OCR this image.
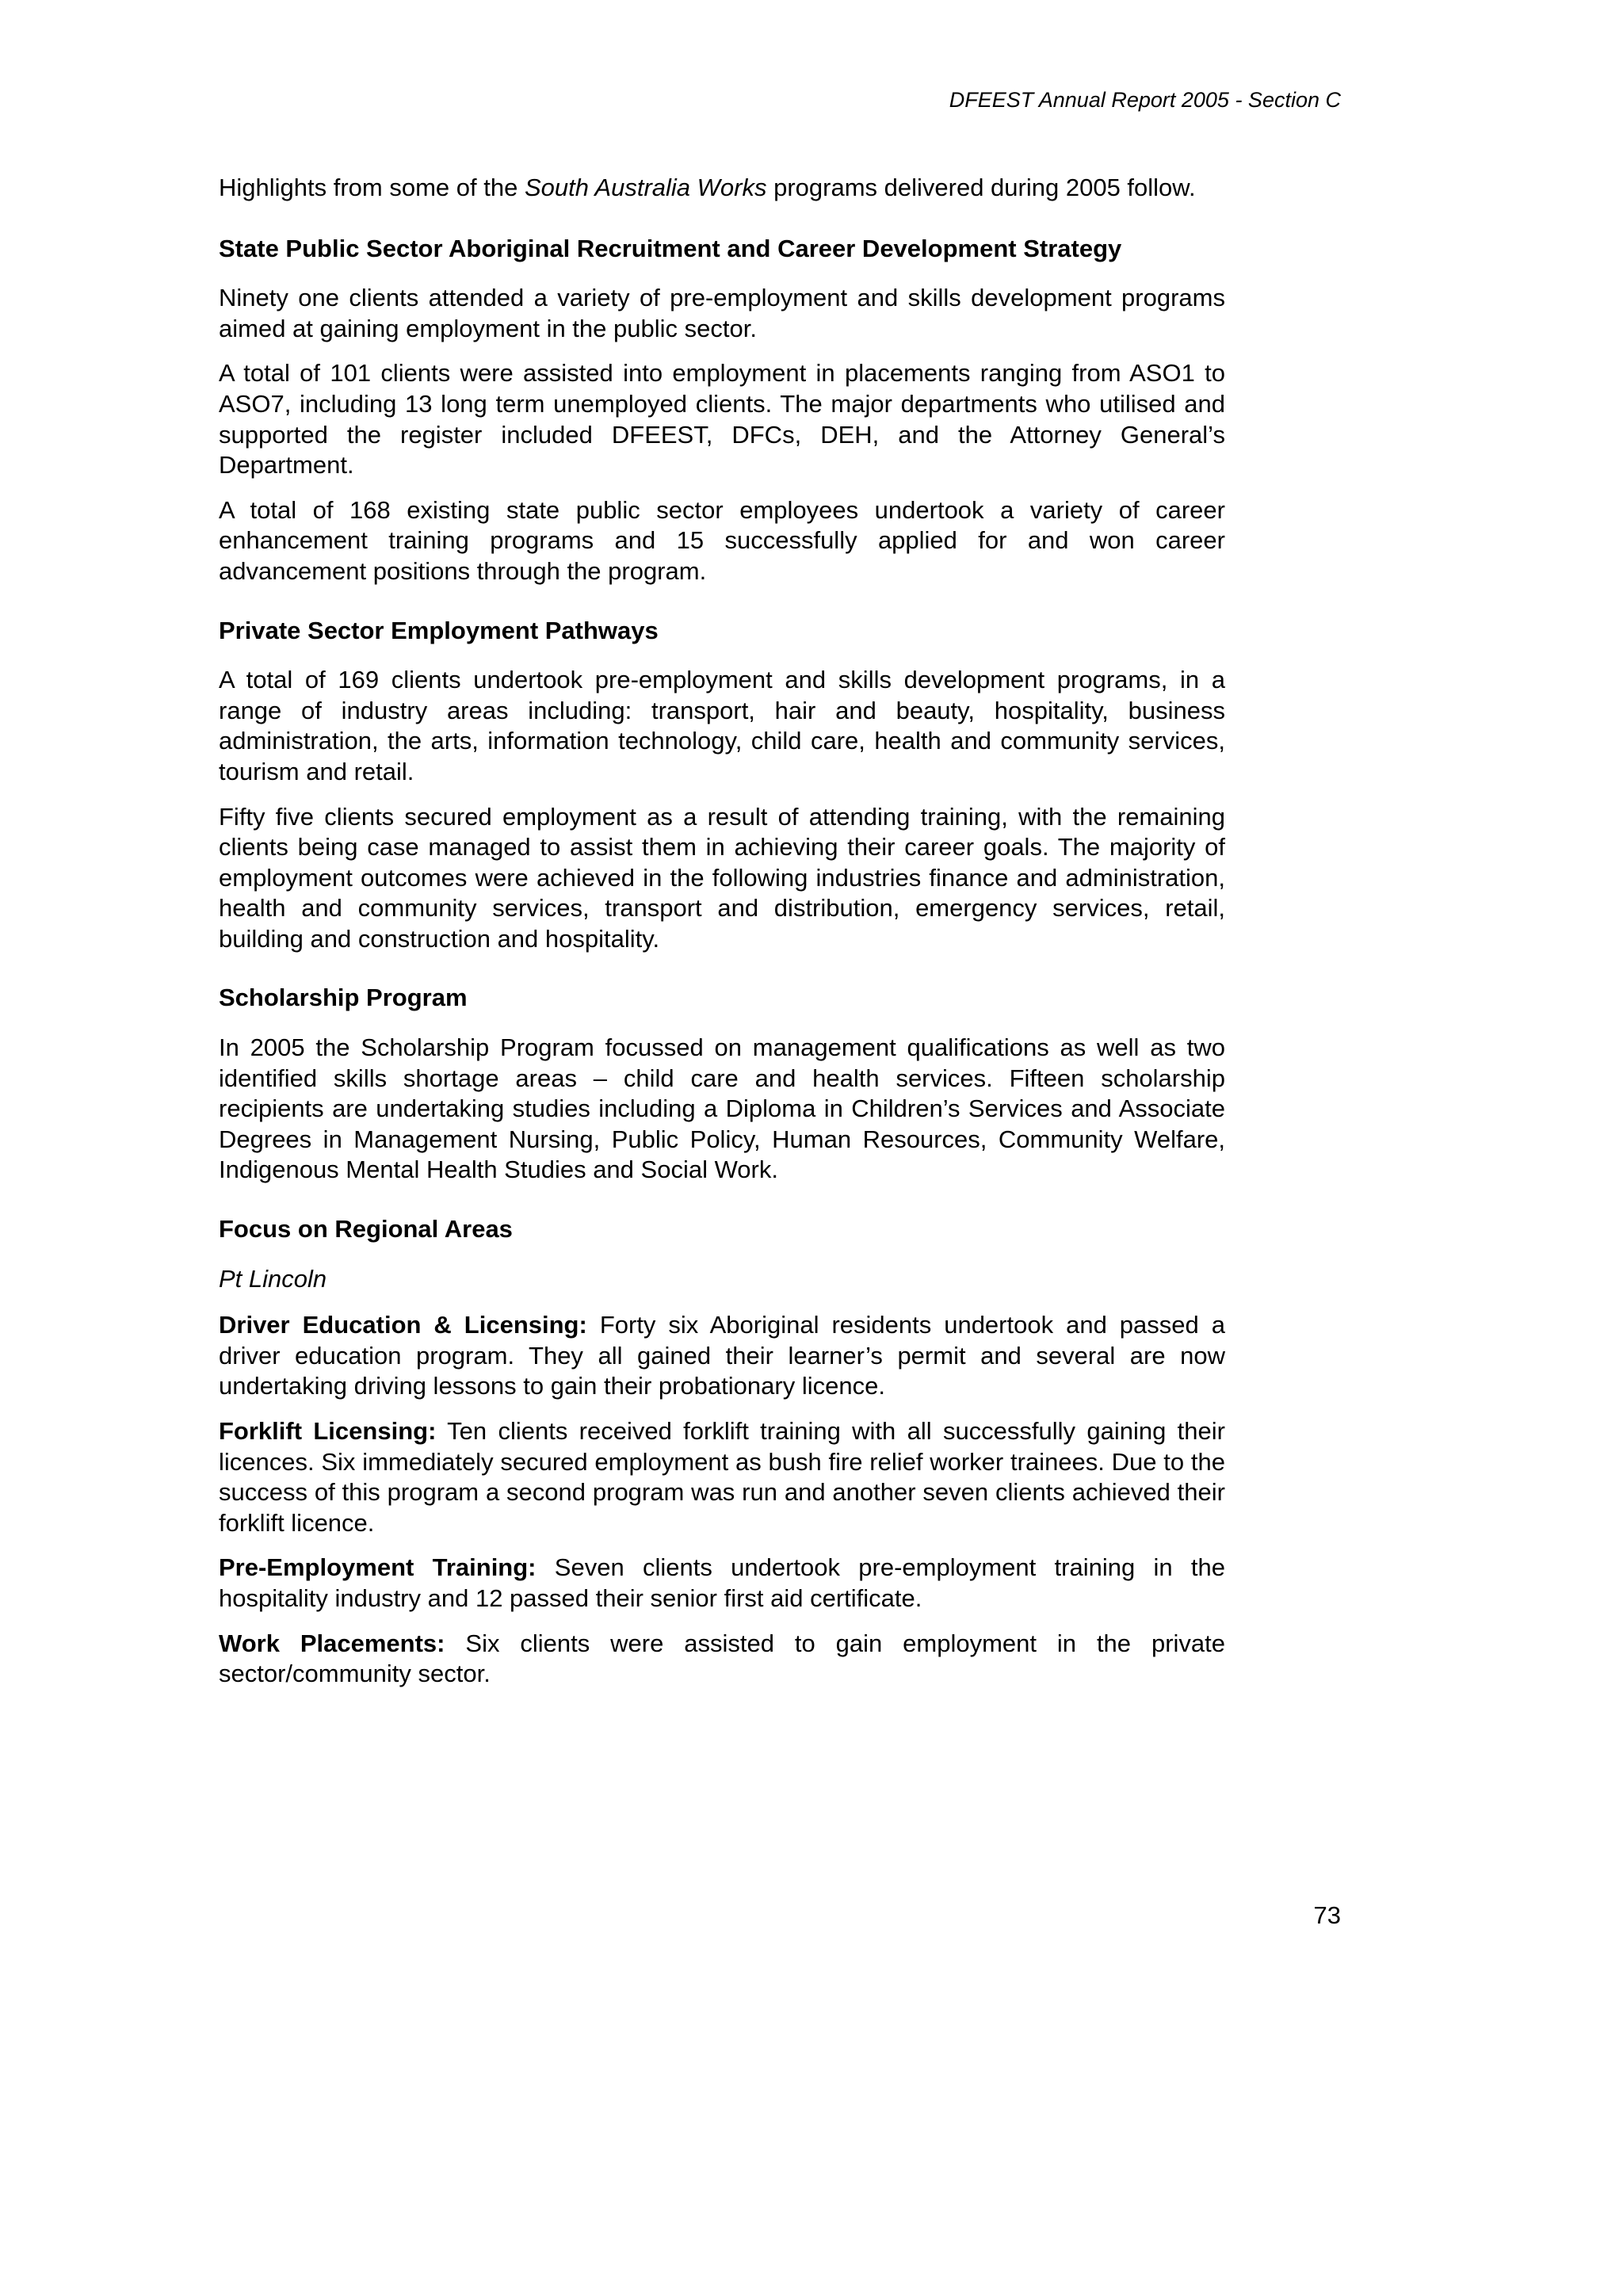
DFEEST Annual Report 2005 - Section C

Highlights from some of the South Australia Works programs delivered during 2005 follow.

State Public Sector Aboriginal Recruitment and Career Development Strategy

Ninety one clients attended a variety of pre-employment and skills development programs aimed at gaining employment in the public sector.

A total of 101 clients were assisted into employment in placements ranging from ASO1 to ASO7, including 13 long term unemployed clients. The major departments who utilised and supported the register included DFEEST, DFCs, DEH, and the Attorney General’s Department.

A total of 168 existing state public sector employees undertook a variety of career enhancement training programs and 15 successfully applied for and won career advancement positions through the program.

Private Sector Employment Pathways

A total of 169 clients undertook pre-employment and skills development programs, in a range of industry areas including: transport, hair and beauty, hospitality, business administration, the arts, information technology, child care, health and community services, tourism and retail.

Fifty five clients secured employment as a result of attending training, with the remaining clients being case managed to assist them in achieving their career goals. The majority of employment outcomes were achieved in the following industries finance and administration, health and community services, transport and distribution, emergency services, retail, building and construction and hospitality.

Scholarship Program

In 2005 the Scholarship Program focussed on management qualifications as well as two identified skills shortage areas – child care and health services. Fifteen scholarship recipients are undertaking studies including a Diploma in Children’s Services and Associate Degrees in Management Nursing, Public Policy, Human Resources, Community Welfare, Indigenous Mental Health Studies and Social Work.

Focus on Regional Areas
Pt Lincoln

Driver Education & Licensing: Forty six Aboriginal residents undertook and passed a driver education program. They all gained their learner’s permit and several are now undertaking driving lessons to gain their probationary licence.

Forklift Licensing: Ten clients received forklift training with all successfully gaining their licences. Six immediately secured employment as bush fire relief worker trainees. Due to the success of this program a second program was run and another seven clients achieved their forklift licence.

Pre-Employment Training: Seven clients undertook pre-employment training in the hospitality industry and 12 passed their senior first aid certificate.

Work Placements: Six clients were assisted to gain employment in the private sector/community sector.

73
